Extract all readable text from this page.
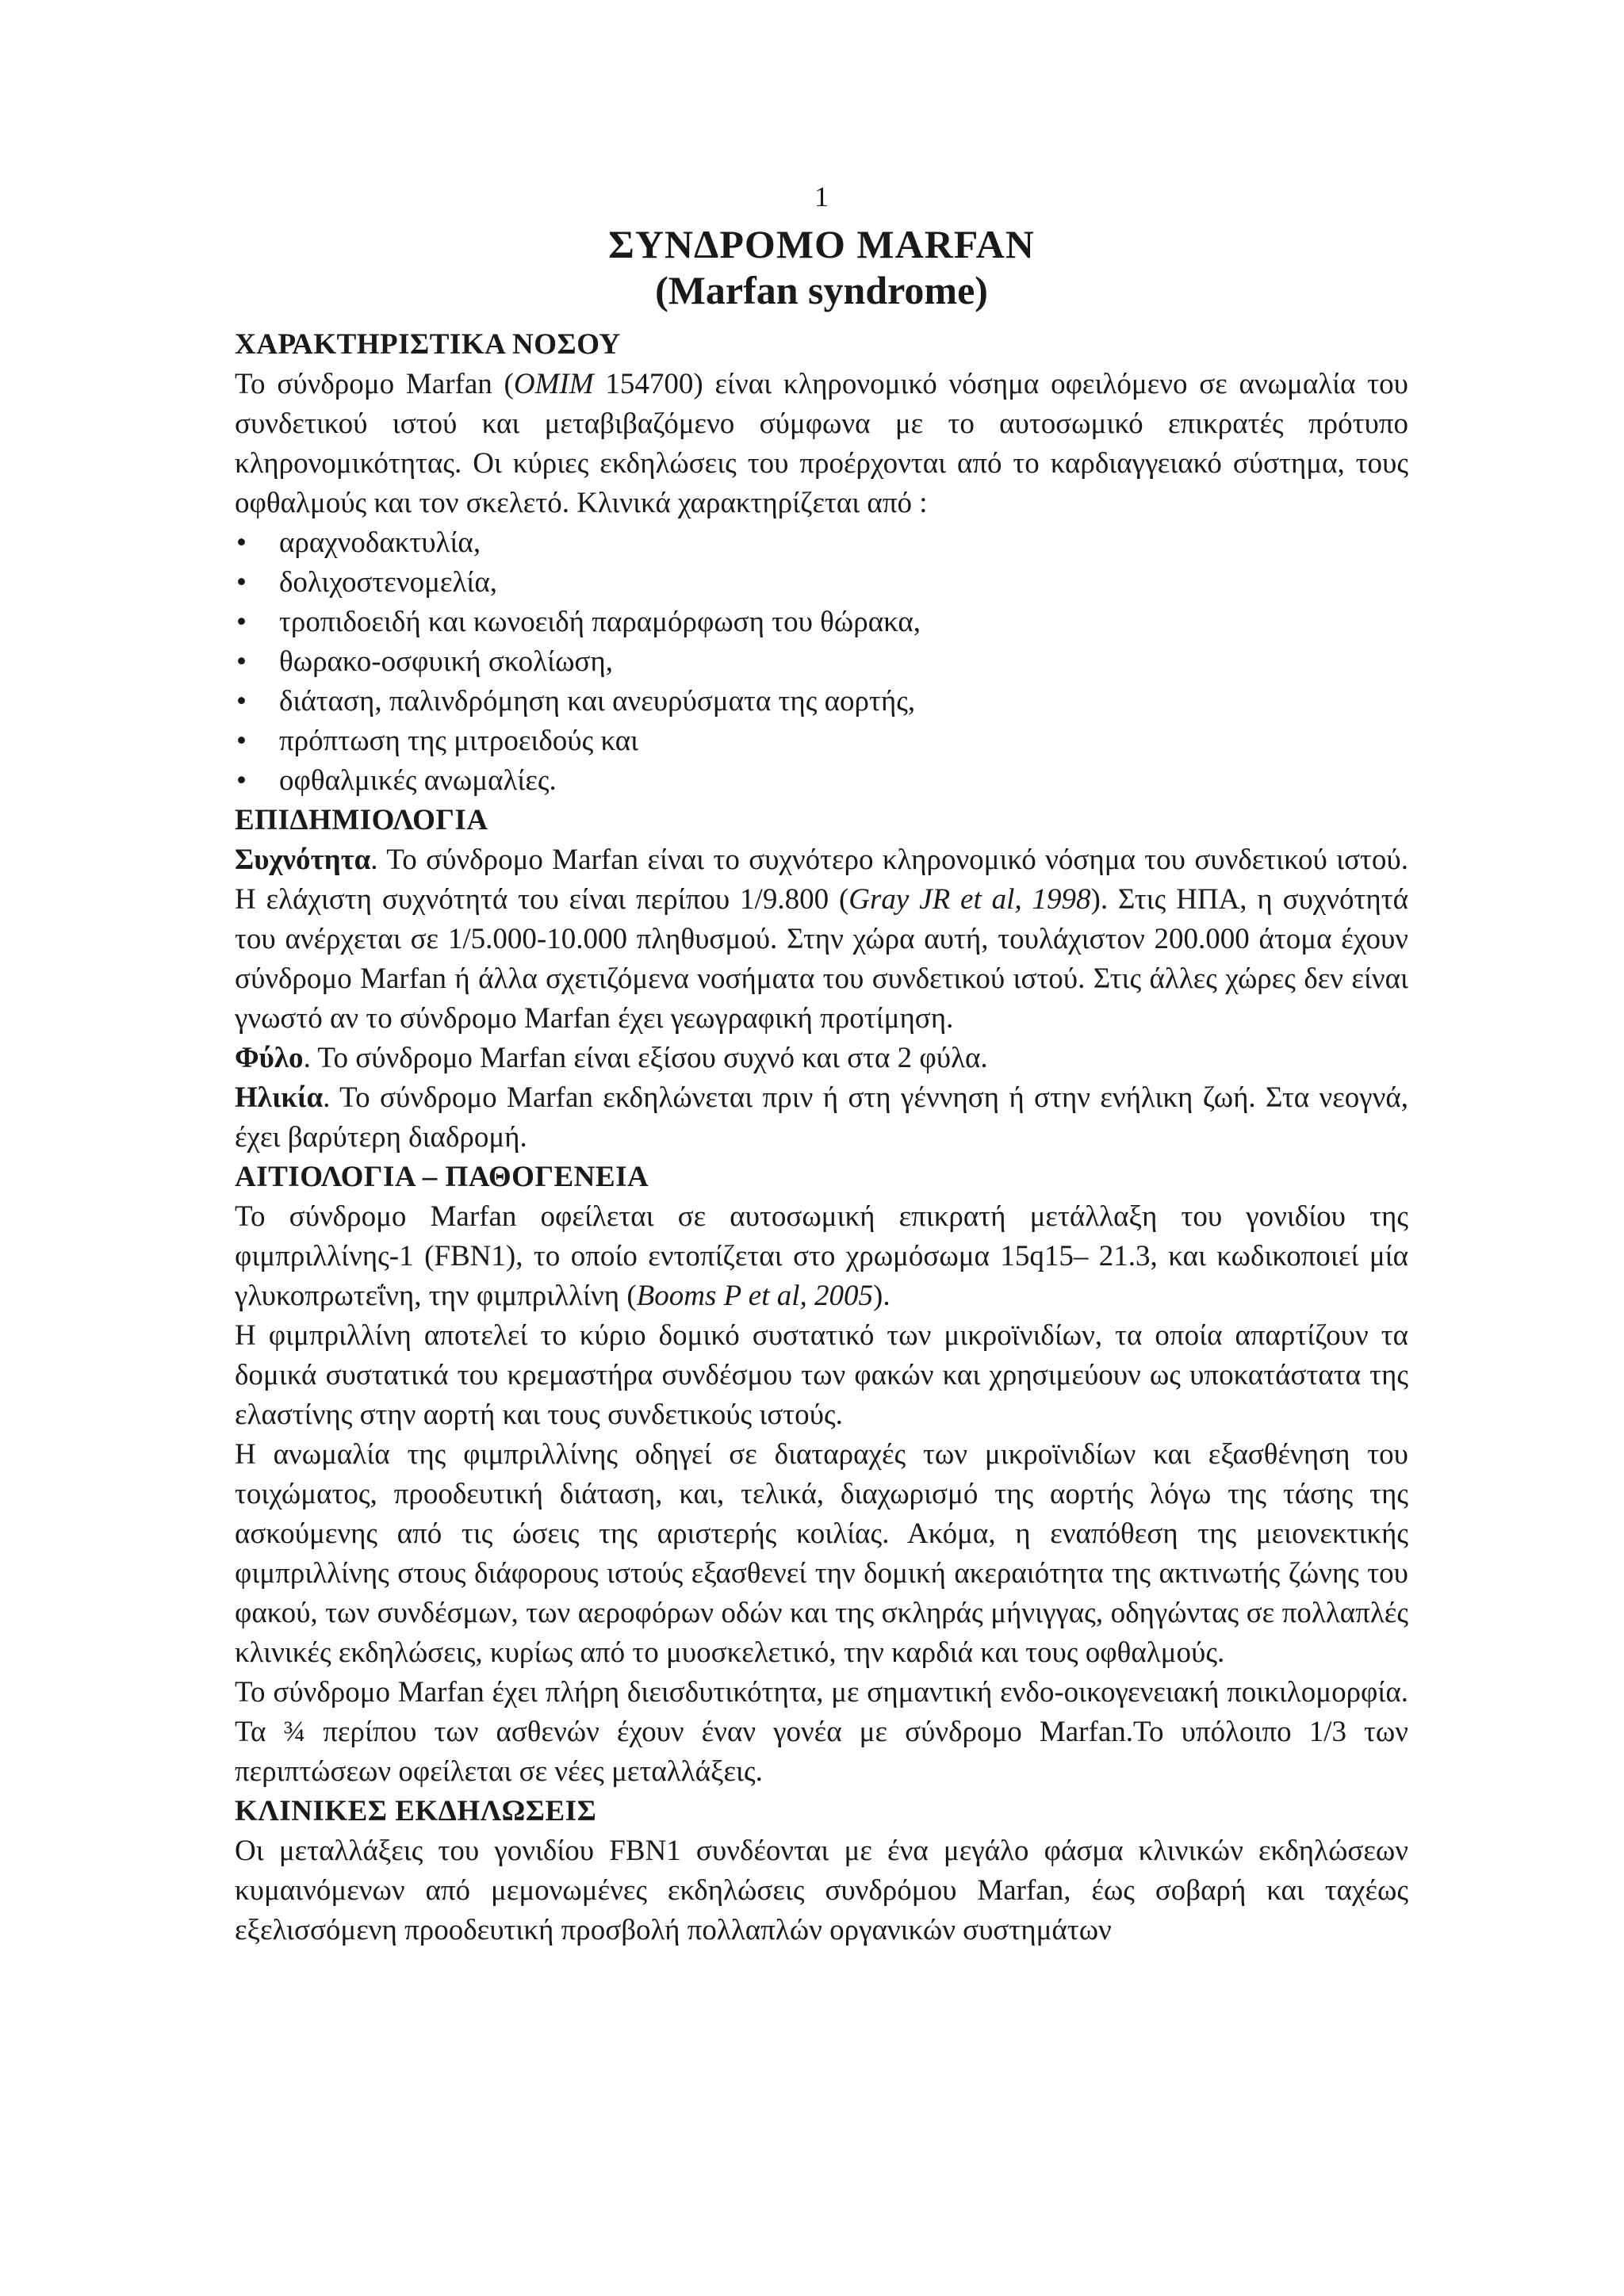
1
ΣΥΝΔΡΟΜΟ MARFAN
(Marfan syndrome)
ΧΑΡΑΚΤΗΡΙΣΤΙΚΑ ΝΟΣΟΥ

Το σύνδρομο Marfan (OMIM 154700) είναι κληρονομικό νόσημα οφειλόμενο σε ανωμαλία του συνδετικού ιστού και μεταβιβαζόμενο σύμφωνα με το αυτοσωμικό επικρατές πρότυπο κληρονομικότητας. Οι κύριες εκδηλώσεις του προέρχονται από το καρδιαγγειακό σύστημα, τους οφθαλμούς και τον σκελετό. Κλινικά χαρακτηρίζεται από :

• αραχνοδακτυλία,
• δολιχοστενομελία,
• τροπιδοειδή και κωνοειδή παραμόρφωση του θώρακα,
• θωρακο-οσφυική σκολίωση,
• διάταση, παλινδρόμηση και ανευρύσματα της αορτής,
• πρόπτωση της μιτροειδούς και
• οφθαλμικές ανωμαλίες.
ΕΠΙΔΗΜΙΟΛΟΓΙΑ

Συχνότητα. Το σύνδρομο Marfan είναι το συχνότερο κληρονομικό νόσημα του συνδετικού ιστού. Η ελάχιστη συχνότητά του είναι περίπου 1/9.800 (Gray JR et al, 1998). Στις ΗΠΑ, η συχνότητά του ανέρχεται σε 1/5.000-10.000 πληθυσμού. Στην χώρα αυτή, τουλάχιστον 200.000 άτομα έχουν σύνδρομο Marfan ή άλλα σχετιζόμενα νοσήματα του συνδετικού ιστού. Στις άλλες χώρες δεν είναι γνωστό αν το σύνδρομο Marfan έχει γεωγραφική προτίμηση.

Φύλο. Το σύνδρομο Marfan είναι εξίσου συχνό και στα 2 φύλα.

Ηλικία. Το σύνδρομο Marfan εκδηλώνεται πριν ή στη γέννηση ή στην ενήλικη ζωή. Στα νεογνά, έχει βαρύτερη διαδρομή.

ΑΙΤΙΟΛΟΓΙΑ – ΠΑΘΟΓΕΝΕΙΑ

Το σύνδρομο Marfan οφείλεται σε αυτοσωμική επικρατή μετάλλαξη του γονιδίου της φιμπριλλίνης-1 (FBN1), το οποίο εντοπίζεται στο χρωμόσωμα 15q15– 21.3, και κωδικοποιεί μία γλυκοπρωτεΐνη, την φιμπριλλίνη (Booms P et al, 2005).

Η φιμπριλλίνη αποτελεί το κύριο δομικό συστατικό των μικροϊνιδίων, τα οποία απαρτίζουν τα δομικά συστατικά του κρεμαστήρα συνδέσμου των φακών και χρησιμεύουν ως υποκατάστατα της ελαστίνης στην αορτή και τους συνδετικούς ιστούς.

Η ανωμαλία της φιμπριλλίνης οδηγεί σε διαταραχές των μικροϊνιδίων και εξασθένηση του τοιχώματος, προοδευτική διάταση, και, τελικά, διαχωρισμό της αορτής λόγω της τάσης της ασκούμενης από τις ώσεις της αριστερής κοιλίας. Ακόμα, η εναπόθεση της μειονεκτικής φιμπριλλίνης στους διάφορους ιστούς εξασθενεί την δομική ακεραιότητα της ακτινωτής ζώνης του φακού, των συνδέσμων, των αεροφόρων οδών και της σκληράς μήνιγγας, οδηγώντας σε πολλαπλές κλινικές εκδηλώσεις, κυρίως από το μυοσκελετικό, την καρδιά και τους οφθαλμούς.

Το σύνδρομο Marfan έχει πλήρη διεισδυτικότητα, με σημαντική ενδο-οικογενειακή ποικιλομορφία. Τα ¾ περίπου των ασθενών έχουν έναν γονέα με σύνδρομο Marfan.Το υπόλοιπο 1/3 των περιπτώσεων οφείλεται σε νέες μεταλλάξεις.

ΚΛΙΝΙΚΕΣ ΕΚΔΗΛΩΣΕΙΣ

Οι μεταλλάξεις του γονιδίου FBN1 συνδέονται με ένα μεγάλο φάσμα κλινικών εκδηλώσεων κυμαινόμενων από μεμονωμένες εκδηλώσεις συνδρόμου Marfan, έως σοβαρή και ταχέως εξελισσόμενη προοδευτική προσβολή πολλαπλών οργανικών συστημάτων
